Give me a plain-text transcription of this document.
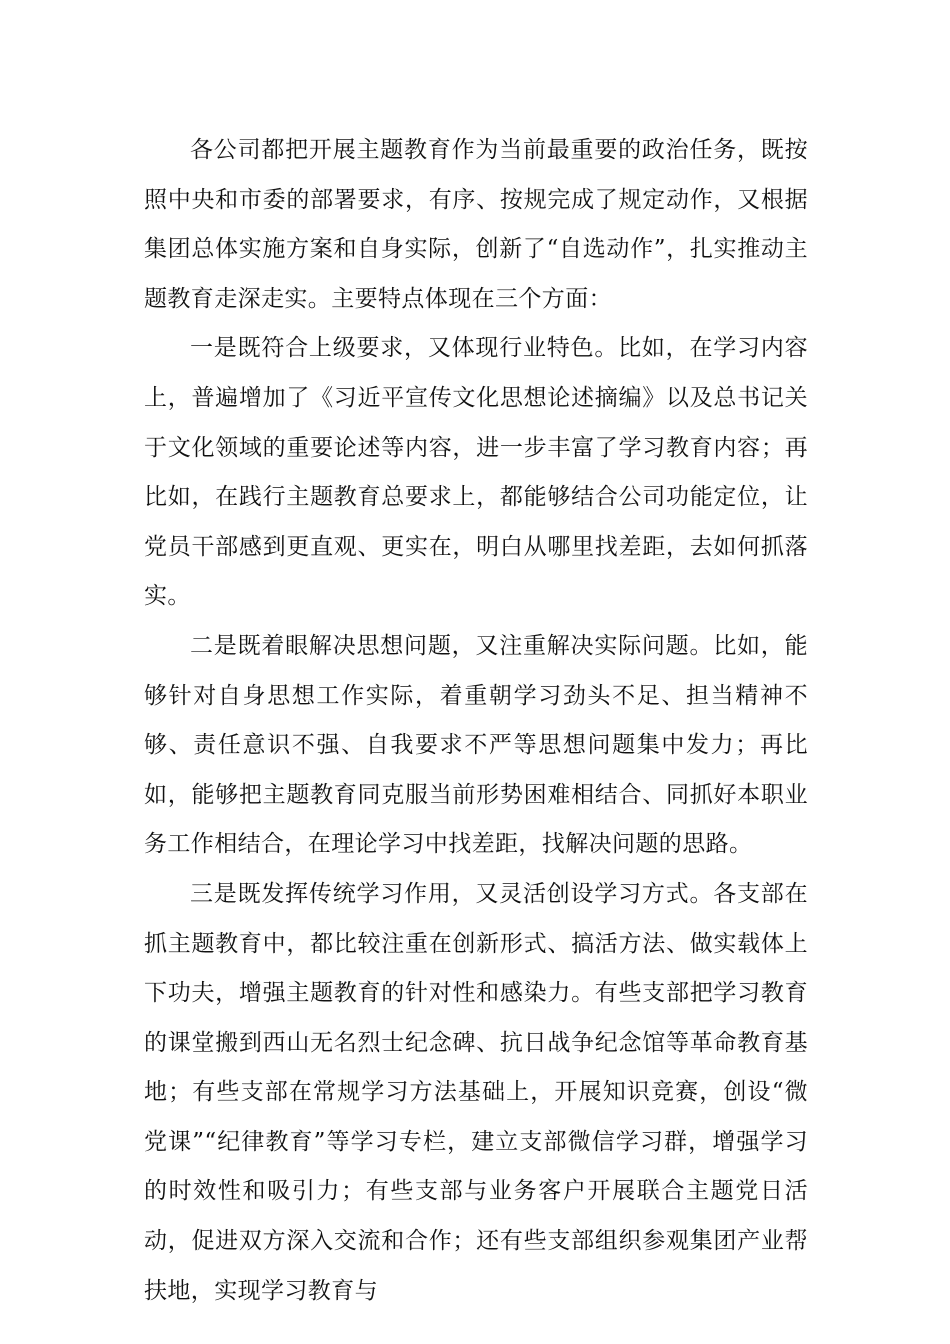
各公司都把开展主题教育作为当前最重要的政治任务，既按照中央和市委的部署要求，有序、按规完成了规定动作，又根据集团总体实施方案和自身实际，创新了“自选动作”，扎实推动主题教育走深走实。主要特点体现在三个方面：

一是既符合上级要求，又体现行业特色。比如，在学习内容上，普遍增加了《习近平宣传文化思想论述摘编》以及总书记关于文化领域的重要论述等内容，进一步丰富了学习教育内容；再比如，在践行主题教育总要求上，都能够结合公司功能定位，让党员干部感到更直观、更实在，明白从哪里找差距，去如何抓落实。

二是既着眼解决思想问题，又注重解决实际问题。比如，能够针对自身思想工作实际，着重朝学习劲头不足、担当精神不够、责任意识不强、自我要求不严等思想问题集中发力；再比如，能够把主题教育同克服当前形势困难相结合、同抓好本职业务工作相结合，在理论学习中找差距，找解决问题的思路。

三是既发挥传统学习作用，又灵活创设学习方式。各支部在抓主题教育中，都比较注重在创新形式、搞活方法、做实载体上下功夫，增强主题教育的针对性和感染力。有些支部把学习教育的课堂搬到西山无名烈士纪念碑、抗日战争纪念馆等革命教育基地；有些支部在常规学习方法基础上，开展知识竞赛，创设“微党课”“纪律教育”等学习专栏，建立支部微信学习群，增强学习的时效性和吸引力；有些支部与业务客户开展联合主题党日活动，促进双方深入交流和合作；还有些支部组织参观集团产业帮扶地，实现学习教育与
